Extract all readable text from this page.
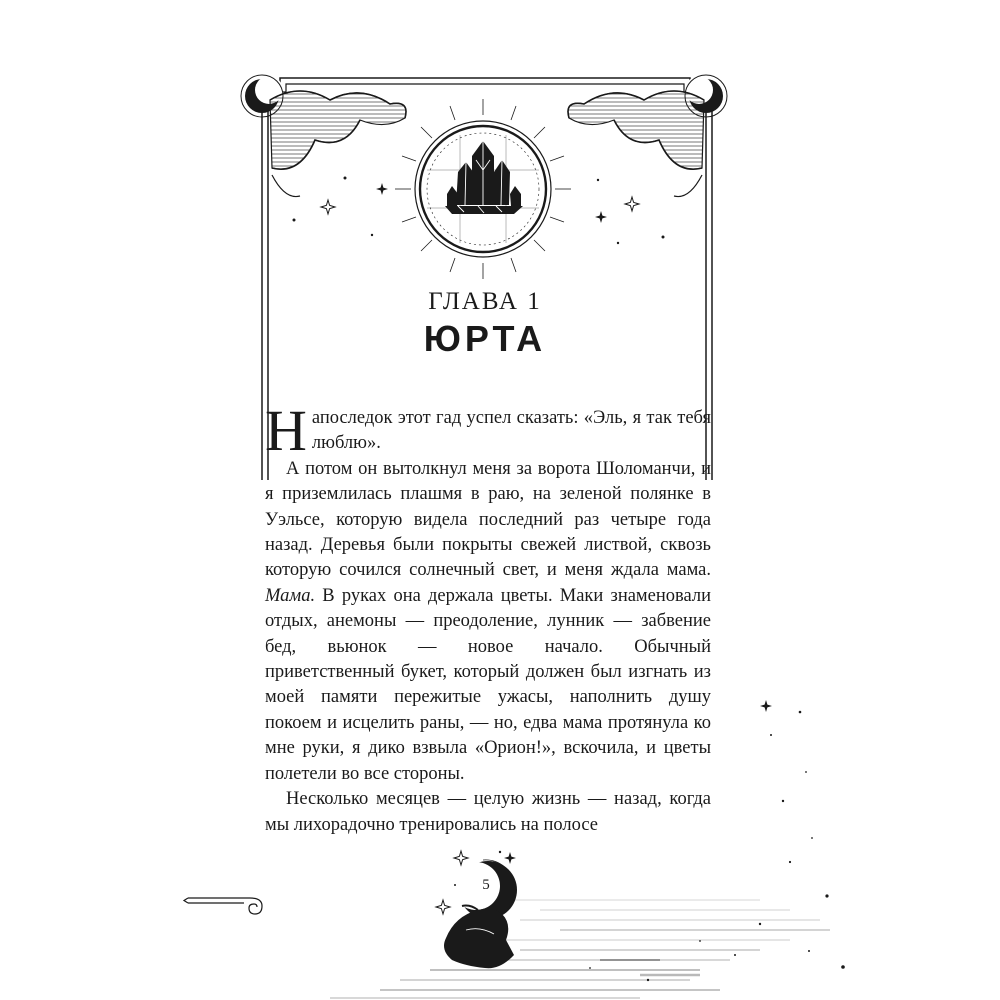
ГЛАВА 1
ЮРТА

Напоследок этот гад успел сказать: «Эль, я так тебя люблю».

А потом он вытолкнул меня за ворота Шоломанчи, и я приземлилась плашмя в раю, на зеленой полянке в Уэльсе, которую видела последний раз четыре года назад. Деревья были покрыты свежей листвой, сквозь которую сочился солнечный свет, и меня ждала мама. Мама. В руках она держала цветы. Маки знаменовали отдых, анемоны — преодоление, лунник — забвение бед, вьюнок — новое начало. Обычный приветственный букет, который должен был изгнать из моей памяти пережитые ужасы, наполнить душу покоем и исцелить раны, — но, едва мама протянула ко мне руки, я дико взвыла «Орион!», вскочила, и цветы полетели во все стороны.

Несколько месяцев — целую жизнь — назад, когда мы лихорадочно тренировались на полосе

5
